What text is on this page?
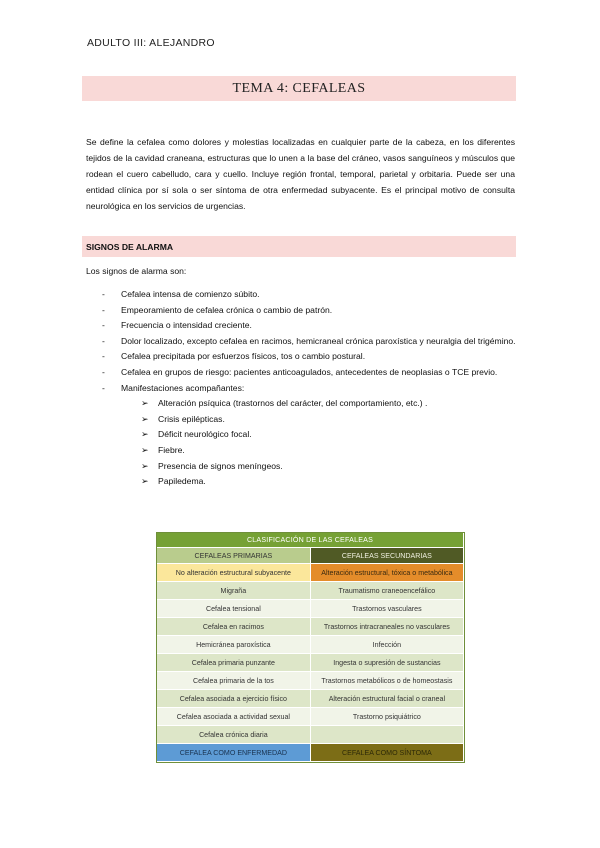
ADULTO III: ALEJANDRO
TEMA 4: CEFALEAS

Se define la cefalea como dolores y molestias localizadas en cualquier parte de la cabeza, en los diferentes tejidos de la cavidad craneana, estructuras que lo unen a la base del cráneo, vasos sanguíneos y músculos que rodean el cuero cabelludo, cara y cuello. Incluye región frontal, temporal, parietal y orbitaria. Puede ser una entidad clínica por sí sola o ser síntoma de otra enfermedad subyacente. Es el principal motivo de consulta neurológica en los servicios de urgencias.

SIGNOS DE ALARMA
Los signos de alarma son:
- Cefalea intensa de comienzo súbito.
- Empeoramiento de cefalea crónica o cambio de patrón.
- Frecuencia o intensidad creciente.
- Dolor localizado, excepto cefalea en racimos, hemicraneal crónica paroxística y neuralgia del trigémino.
- Cefalea precipitada por esfuerzos físicos, tos o cambio postural.
- Cefalea en grupos de riesgo: pacientes anticoagulados, antecedentes de neoplasias o TCE previo.
- Manifestaciones acompañantes:
➢ Alteración psíquica (trastornos del carácter, del comportamiento, etc.) .
➢ Crisis epilépticas.
➢ Déficit neurológico focal.
➢ Fiebre.
➢ Presencia de signos meníngeos.
➢ Papiledema.
CLASIFICACIÓN DE LAS CEFALEAS	
CEFALEAS PRIMARIAS	CEFALEAS SECUNDARIAS
No alteración estructural subyacente	Alteración estructural, tóxica o metabólica
Migraña	Traumatismo craneoencefálico
Cefalea tensional	Trastornos vasculares
Cefalea en racimos	Trastornos intracraneales no vasculares
Hemicránea paroxística	Infección
Cefalea primaria punzante	Ingesta o supresión de sustancias
Cefalea primaria de la tos	Trastornos metabólicos o de homeostasis
Cefalea asociada a ejercicio físico	Alteración estructural facial o craneal
Cefalea asociada a actividad sexual	Trastorno psiquiátrico
Cefalea crónica diaria	
CEFALEA COMO ENFERMEDAD	CEFALEA COMO SÍNTOMA
